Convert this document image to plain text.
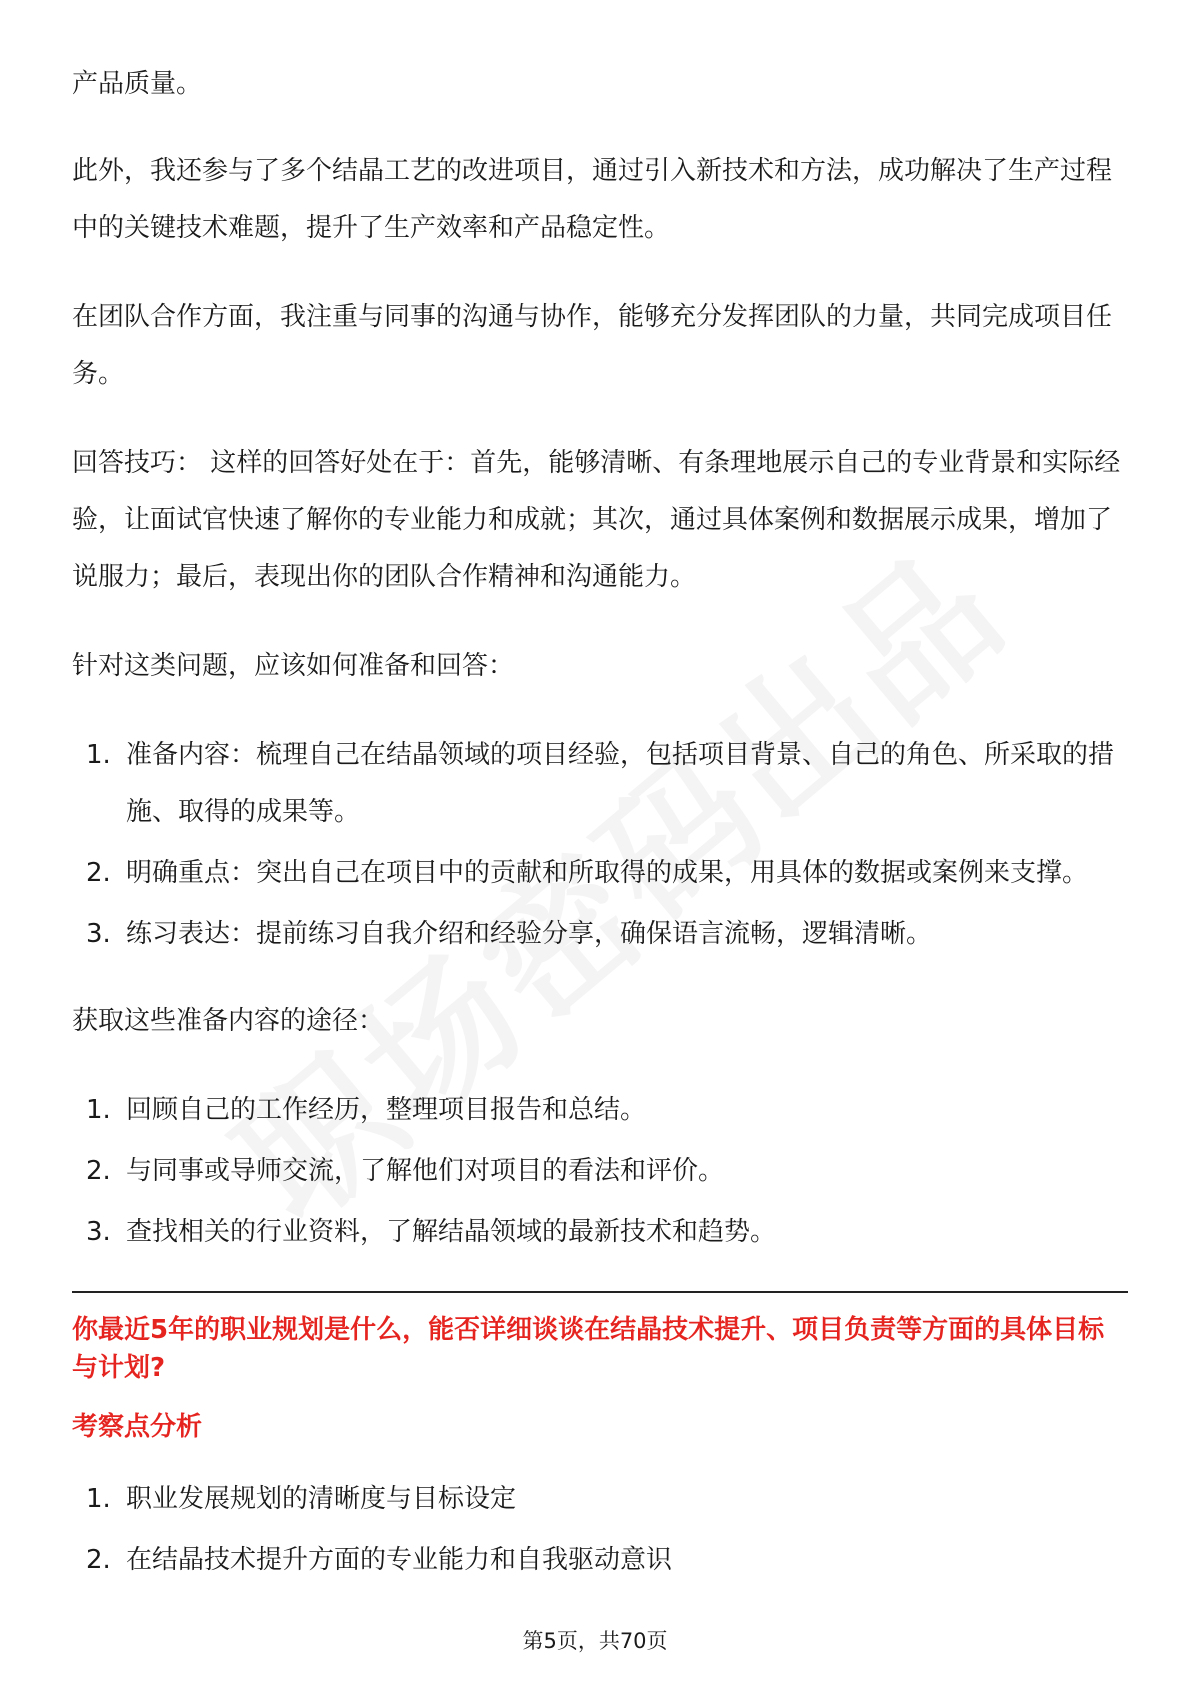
产品质量。

此外，我还参与了多个结晶工艺的改进项目，通过引入新技术和方法，成功解决了生产过程中的关键技术难题，提升了生产效率和产品稳定性。

在团队合作方面，我注重与同事的沟通与协作，能够充分发挥团队的力量，共同完成项目任务。

回答技巧： 这样的回答好处在于：首先，能够清晰、有条理地展示自己的专业背景和实际经验，让面试官快速了解你的专业能力和成就；其次，通过具体案例和数据展示成果，增加了说服力；最后，表现出你的团队合作精神和沟通能力。

针对这类问题，应该如何准备和回答：

1. 准备内容：梳理自己在结晶领域的项目经验，包括项目背景、自己的角色、所采取的措施、取得的成果等。
2. 明确重点：突出自己在项目中的贡献和所取得的成果，用具体的数据或案例来支撑。
3. 练习表达：提前练习自我介绍和经验分享，确保语言流畅，逻辑清晰。

获取这些准备内容的途径：

1. 回顾自己的工作经历，整理项目报告和总结。
2. 与同事或导师交流，了解他们对项目的看法和评价。
3. 查找相关的行业资料，了解结晶领域的最新技术和趋势。
你最近5年的职业规划是什么，能否详细谈谈在结晶技术提升、项目负责等方面的具体目标与计划?
考察点分析
1. 职业发展规划的清晰度与目标设定
2. 在结晶技术提升方面的专业能力和自我驱动意识
第5页，共70页
